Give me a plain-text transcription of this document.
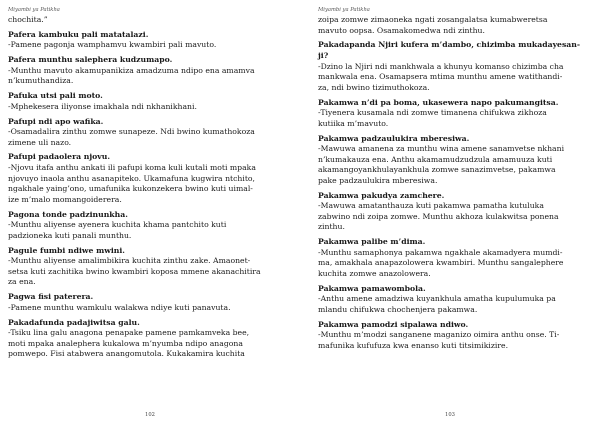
Miyambi ya Patikha

chochita.”

Pafera kambuku pali matatalazi.

-Pamene pagonja wamphamvu kwambiri pali mavuto.

Pafera munthu salephera kudzumapo.

-Munthu mavuto akamupanikiza amadzuma ndipo ena amamva
n’kumuthandiza.

Pafuka utsi pali moto.

-Mphekesera iliyonse imakhala ndi nkhanikhani.

Pafupi ndi apo wafika.

-Osamadalira zinthu zomwe sunapeze. Ndi bwino kumathokoza
zimene uli nazo.

Pafupi padaolera njovu.

-Njovu itafa anthu ankati ili pafupi koma kuli kutali moti mpaka
njovuyo inaola anthu asanapiteko. Ukamafuna kugwira ntchito,
ngakhale yaing’ono, umafunika kukonzekera bwino kuti uimal-
ize m’malo momangoiderera.

Pagona tonde padzinunkha.

-Munthu aliyense ayenera kuchita khama pantchito kuti
padzioneka kuti panali munthu.

Pagule fumbi ndiwe mwini.

-Munthu aliyense amalimbikira kuchita zinthu zake. Amaonet-
setsa kuti zachitika bwino kwambiri koposa mmene akanachitira
za ena.

Pagwa fisi paterera.

-Pamene munthu wamkulu walakwa ndiye kuti panavuta.

Pakadafunda padajiwitsa galu.

-Tsiku lina galu anagona penapake pamene pamkamveka bee,
moti mpaka analephera kukalowa m’nyumba ndipo anagona
pomwepo. Fisi atabwera anangomutola. Kukakamira kuchita

102
Miyambi ya Patikha

zoipa zomwe zimaoneka ngati zosangalatsa kumabweretsa
mavuto oopsa. Osamakomedwa ndi zinthu.

Pakadapanda Njiri kufera m’dambo, chizimba mukadayesan-
ji?

-Dzino la Njiri ndi mankhwala a khunyu komanso chizimba cha
mankwala ena. Osamapsera mtima munthu amene watithandi-
za, ndi bwino tizimuthokoza.

Pakamwa n’di pa boma, ukasewera napo pakumangitsa.

-Tiyenera kusamala ndi zomwe timanena chifukwa zikhoza
kutiika m’mavuto.

Pakamwa padzaulukira mberesiwa.

-Mawuwa amanena za munthu wina amene sanamvetse nkhani
n’kumakauza ena. Anthu akamamudzudzula amamuuza kuti
akamangoyankhulayankhula zomwe sanazimvetse, pakamwa
pake padzaulukira mberesiwa.

Pakamwa pakudya zamchere.

-Mawuwa amatanthauza kuti pakamwa pamatha kutuluka
zabwino ndi zoipa zomwe. Munthu akhoza kulakwitsa ponena
zinthu.

Pakamwa palibe m’dima.

-Munthu samaphonya pakamwa ngakhale akamadyera mumdi-
ma, amakhala anapazolowera kwambiri. Munthu sangalephere
kuchita zomwe anazolowera.

Pakamwa pamawombola.

-Anthu amene amadziwa kuyankhula amatha kupulumuka pa
mlandu chifukwa chochenjera pakamwa.

Pakamwa pamodzi sipalawa ndiwo.

-Munthu m’modzi sanganene maganizo oimira anthu onse. Ti-
mafunika kufufuza kwa enanso kuti titsimikizire.

103
